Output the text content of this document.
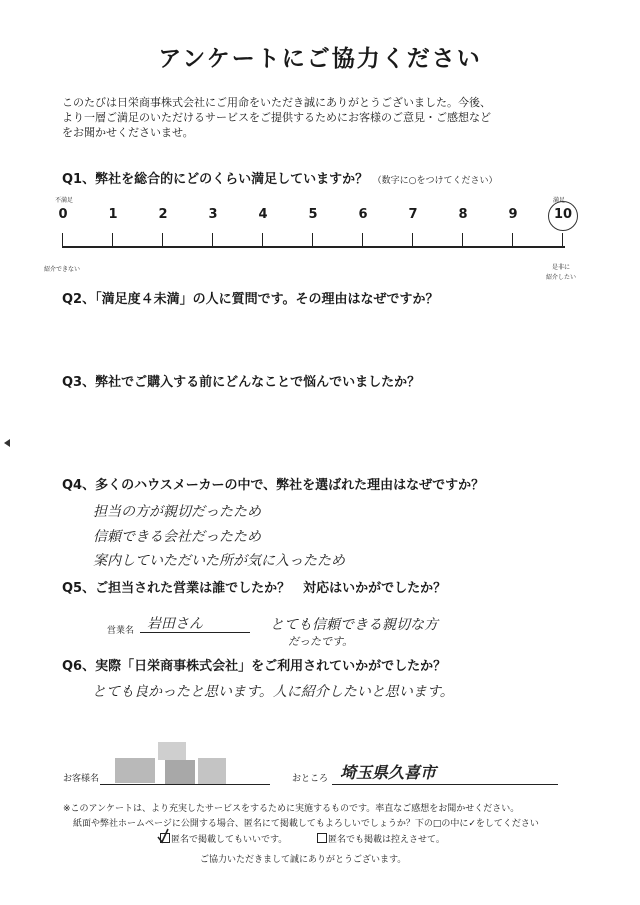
アンケートにご協力ください
このたびは日栄商事株式会社にご用命をいただき誠にありがとうございました。今後、
より一層ご満足のいただけるサービスをご提供するためにお客様のご意見・ご感想など
をお聞かせくださいませ。
Q1、弊社を総合的にどのくらい満足していますか？ （数字に○をつけてください）
不満足	満足
0	1	2	3	4	5	6	7	8	9	10
紹介できない	是非に
紹介したい
Q2、「満足度４未満」の人に質問です。その理由はなぜですか？
Q3、弊社でご購入する前にどんなことで悩んでいましたか？
Q4、多くのハウスメーカーの中で、弊社を選ばれた理由はなぜですか？
担当の方が親切だったため
信頼できる会社だったため
案内していただいた所が気に入ったため
Q5、ご担当された営業は誰でしたか？　対応はいかがでしたか？
営業名 岩田さん	とても信頼できる親切な方
だったです。
Q6、実際「日栄商事株式会社」をご利用されていかがでしたか？
とても良かったと思います。人に紹介したいと思います。
お客様名	おところ 埼玉県久喜市
※このアンケートは、より充実したサービスをするために実施するものです。率直なご感想をお聞かせください。
紙面や弊社ホームページに公開する場合、匿名にて掲載してもよろしいでしょうか？下の□の中に✓をしてください
匿名で掲載してもいいです。	匿名でも掲載は控えさせて。
ご協力いただきまして誠にありがとうございます。
